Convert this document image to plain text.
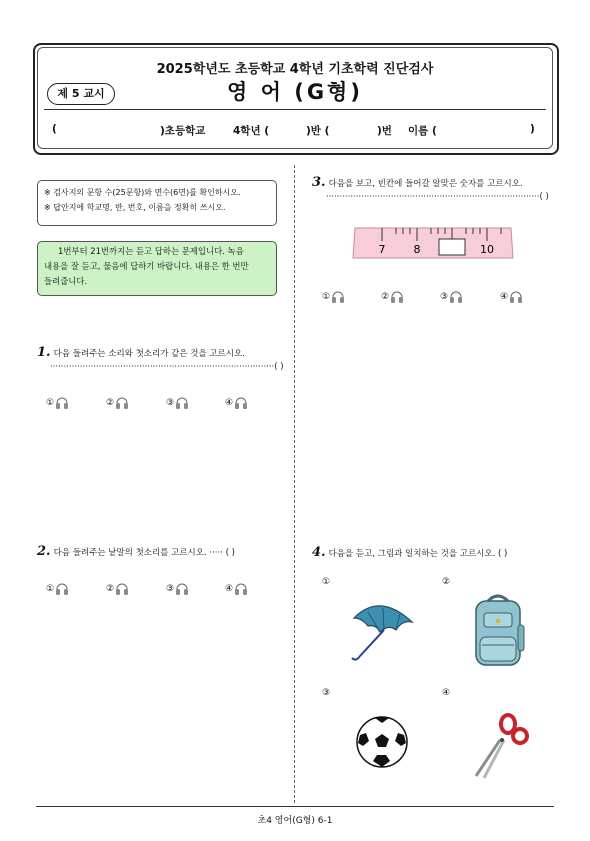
2025학년도 초등학교 4학년 기초학력 진단검사
제 5 교시	영 어 (G형)
(	)초등학교	4학년 (	)반 (	)번 이름 (	)
※ 검사지의 문항 수(25문항)와 면수(6면)를 확인하시오.
※ 답안지에 학교명, 반, 번호, 이름을 정확히 쓰시오.
1번부터 21번까지는 듣고 답하는 문제입니다. 녹음
내용을 잘 듣고, 물음에 답하기 바랍니다. 내용은 한 번만
들려줍니다.
1. 다음 들려주는 소리와 첫소리가 같은 것을 고르시오.
···················································································( )
①	②	③	④
2. 다음 들려주는 낱말의 첫소리를 고르시오. ····· ( )
①	②	③	④
3. 다음을 보고, 빈칸에 들어갈 알맞은 숫자를 고르시오.
···············································································( )
7	8	10
①	②	③	④
4. 다음을 듣고, 그림과 일치하는 것을 고르시오. ( )
①	②
③	④
초4 영어(G형) 6-1
